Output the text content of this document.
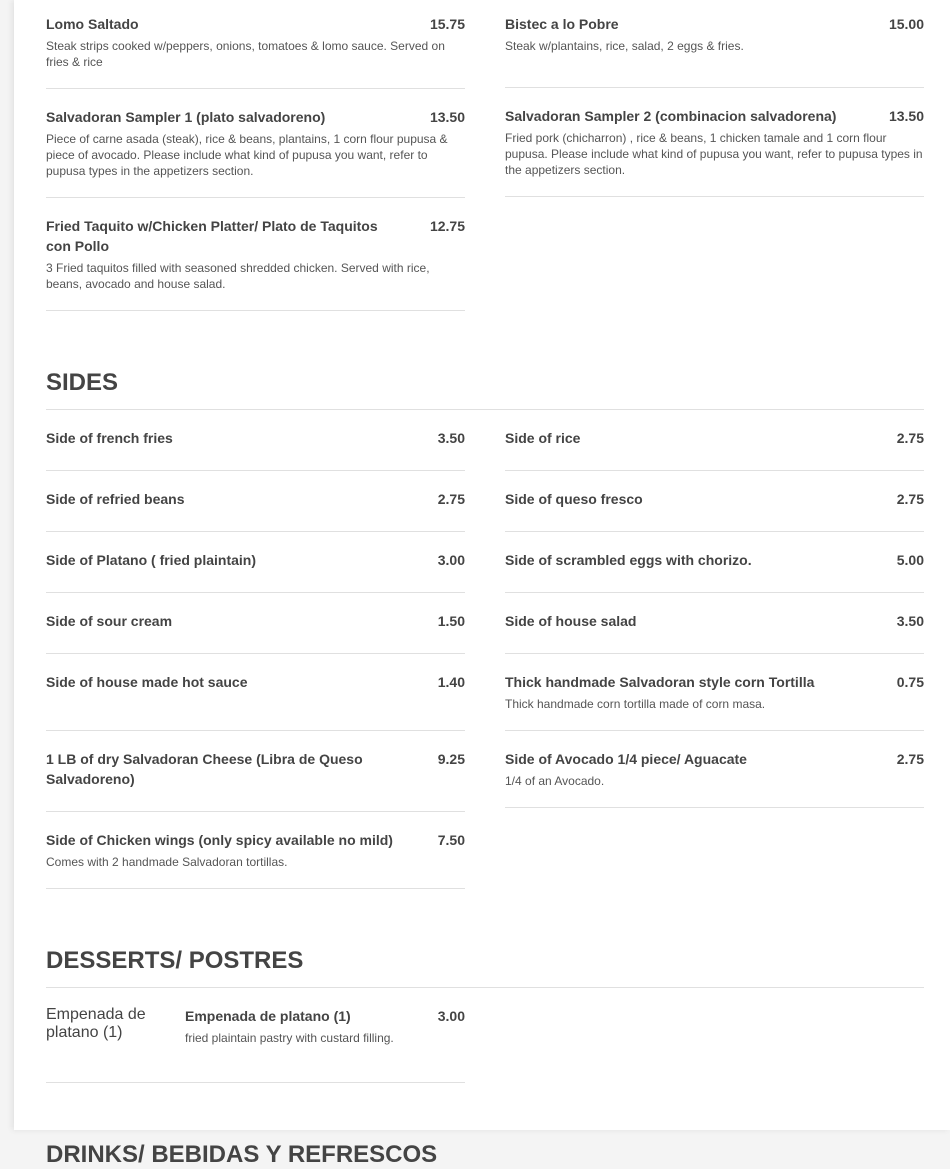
Lomo Saltado	15.75
Steak strips cooked w/peppers, onions, tomatoes & lomo sauce. Served on fries & rice
Salvadoran Sampler 1 (plato salvadoreno)	13.50
Piece of carne asada (steak), rice & beans, plantains, 1 corn flour pupusa & piece of avocado. Please include what kind of pupusa you want, refer to pupusa types in the appetizers section.
Fried Taquito w/Chicken Platter/ Plato de Taquitos con Pollo
12.75
3 Fried taquitos filled with seasoned shredded chicken. Served with rice, beans, avocado and house salad.
Bistec a lo Pobre	15.00
Steak w/plantains, rice, salad, 2 eggs & fries.
Salvadoran Sampler 2 (combinacion salvadorena)	13.50
Fried pork (chicharron) , rice & beans, 1 chicken tamale and 1 corn flour pupusa. Please include what kind of pupusa you want, refer to pupusa types in the appetizers section.
SIDES
Side of french fries	3.50
Side of refried beans	2.75
Side of Platano ( fried plaintain)	3.00
Side of sour cream	1.50
Side of house made hot sauce	1.40
1 LB of dry Salvadoran Cheese (Libra de Queso Salvadoreno)
9.25
Side of Chicken wings (only spicy available no mild)	7.50
Comes with 2 handmade Salvadoran tortillas.
Side of rice	2.75
Side of queso fresco	2.75
Side of scrambled eggs with chorizo.	5.00
Side of house salad	3.50
Thick handmade Salvadoran style corn Tortilla	0.75
Thick handmade corn tortilla made of corn masa.
Side of Avocado 1/4 piece/ Aguacate	2.75
1/4 of an Avocado.
DESSERTS/ POSTRES
Empenada de platano (1)
Empenada de platano (1)	3.00
fried plaintain pastry with custard filling.
DRINKS/ BEBIDAS Y REFRESCOS
